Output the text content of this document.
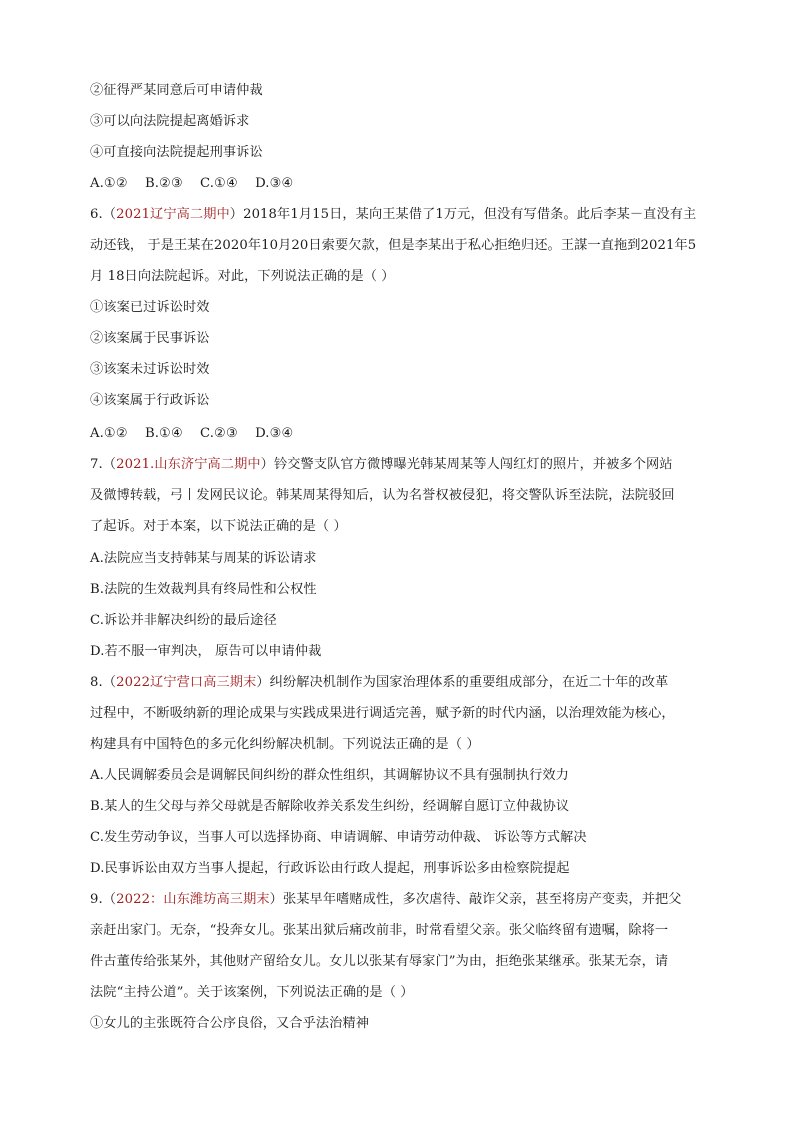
②征得严某同意后可申请仲裁
③可以向法院提起离婚诉求
④可直接向法院提起刑事诉讼
A.①② B.②③ C.①④ D.③④
6.（2021辽宁高二期中）2018年1月15日，某向王某借了1万元，但没有写借条。此后李某－直没有主
动还钱， 于是王某在2020年10月20日索要欠款，但是李某出于私心拒绝归还。王謀一直拖到2021年5
月 18日向法院起诉。对此，下列说法正确的是（ ）
①该案已过诉讼时效
②该案属于民事诉讼
③该案未过诉讼时效
④该案属于行政诉讼
A.①② B.①④ C.②③ D.③④
7.（2021.山东济宁高二期中）钤交警支队官方微博曝光韩某周某等人闯红灯的照片，并被多个网站
及微博转载，弓丨发网民议论。韩某周某得知后，认为名誉权被侵犯，将交警队诉至法院，法院驳回
了起诉。对于本案，以下说法正确的是（ ）
A.法院应当支持韩某与周某的诉讼请求
B.法院的生效裁判具有终局性和公权性
C.诉讼并非解决纠纷的最后途径
D.若不服一审判决， 原告可以申请仲裁
8.（2022辽宁营口高三期末）纠纷解决机制作为国家治理体系的重要组成部分，在近二十年的改革
过程中，不断吸纳新的理论成果与实践成果进行调适完善，赋予新的时代内涵，以治理效能为核心，
构建具有中国特色的多元化纠纷解决机制。下列说法正确的是（ ）
A.人民调解委员会是调解民间纠纷的群众性组织，其调解协议不具有强制执行效力
B.某人的生父母与养父母就是否解除收养关系发生纠纷，经调解自愿订立仲裁协议
C.发生劳动争议，当事人可以选择协商、申请调解、申请劳动仲裁、 诉讼等方式解决
D.民事诉讼由双方当事人提起，行政诉讼由行政人提起，刑事诉讼多由检察院提起
9.（2022：山东潍坊高三期末）张某早年嗜赌成性，多次虐待、敲诈父亲，甚至将房产变卖，并把父
亲赶出家门。无奈，“投奔女儿。张某出狱后痛改前非，时常看望父亲。张父临终留有遗嘱，除将一
件古董传给张某外，其他财产留给女儿。女儿以张某有辱家门”为由，拒绝张某继承。张某无奈，请
法院“主持公道”。关于该案例，下列说法正确的是（ ）
①女儿的主张既符合公序良俗，又合乎法治精神
